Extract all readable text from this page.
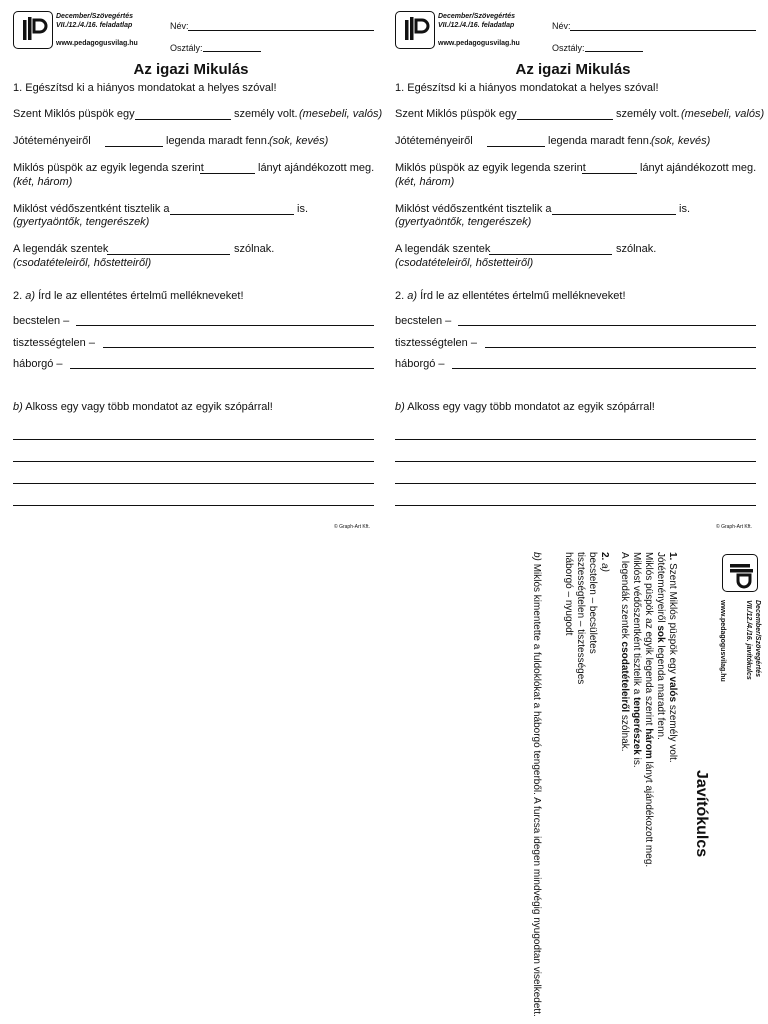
December/Szövegértés
VII./12./4./16. feladatlap
www.pedagogusvilag.hu
Név:
Osztály:
Az igazi Mikulás
1. Egészítsd ki a hiányos mondatokat a helyes szóval!
Szent Miklós püspök egy	személy volt. (mesebeli, valós)
Jótéteményeiről	legenda maradt fenn. (sok, kevés)
Miklós püspök az egyik legenda szerint	lányt ajándékozott meg.
(két, három)
Miklóst védőszentként tisztelik a	is.
(gyertyaöntők, tengerészek)
A legendák szentek	szólnak.
(csodatételeiről, hőstetteiről)
2. a) Írd le az ellentétes értelmű mellékneveket!
becstelen –
tisztességtelen –
háborgó –
b) Alkoss egy vagy több mondatot az egyik szópárral!
© Graph-Art Kft.
December/Szövegértés
VII./12./4./16. feladatlap
www.pedagogusvilag.hu
Név:
Osztály:
Az igazi Mikulás
1. Egészítsd ki a hiányos mondatokat a helyes szóval!
Szent Miklós püspök egy	személy volt. (mesebeli, valós)
Jótéteményeiről	legenda maradt fenn. (sok, kevés)
Miklós püspök az egyik legenda szerint	lányt ajándékozott meg.
(két, három)
Miklóst védőszentként tisztelik a	is.
(gyertyaöntők, tengerészek)
A legendák szentek	szólnak.
(csodatételeiről, hőstetteiről)
2. a) Írd le az ellentétes értelmű mellékneveket!
becstelen –
tisztességtelen –
háborgó –
b) Alkoss egy vagy több mondatot az egyik szópárral!
© Graph-Art Kft.
December/Szövegértés
VII./12./4./16. javítókulcs
www.pedagogusvilag.hu
Javítókulcs
1. Szent Miklós püspök egy valós személy volt.
Jótéteményeiről sok legenda maradt fenn.
Miklós püspök az egyik legenda szerint három lányt ajándékozott meg.
Miklóst védőszentként tisztelik a tengerészek is.
A legendák szentek csodatételeiről szólnak.
2. a)
becstelen – becsületes
tisztességtelen – tisztességes
háborgó – nyugodt
b) Miklós kimentette a fuldoklókat a háborgó tengerből. A furcsa idegen mindvégig nyugodtan viselkedett.
